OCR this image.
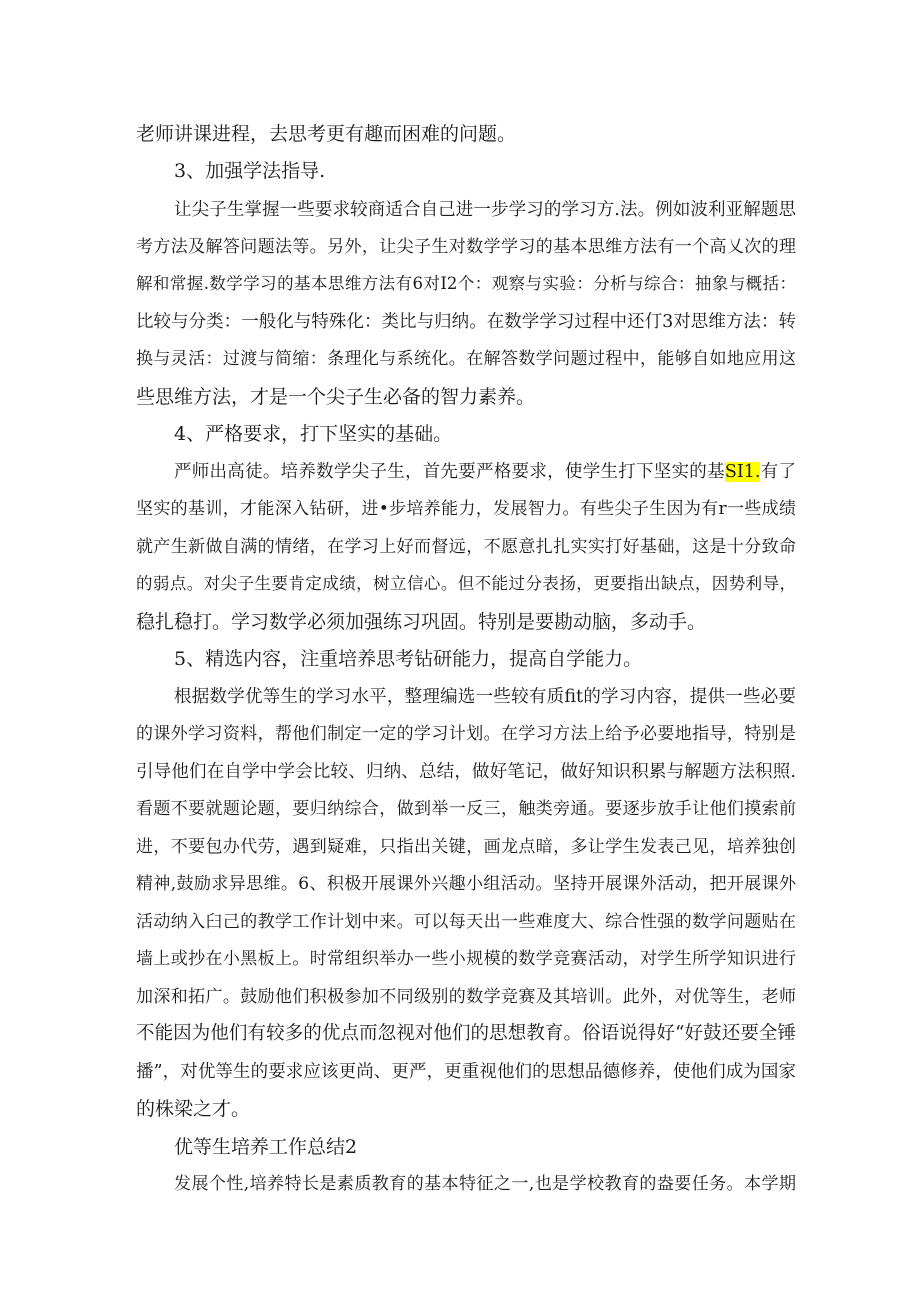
老师讲课进程，去思考更有趣而困难的问题。
3、加强学法指导.
让尖子生掌握一些要求较商适合自己进一步学习的学习方.法。例如波利亚解题思
考方法及解答问题法等。另外，让尖子生对数学学习的基本思维方法有一个高乂次的理
解和常握.数学学习的基本思维方法有6对I2个：观察与实验：分析与综合：抽象与概括：
比较与分类：一般化与特殊化：类比与归纳。在数学学习过程中还仃3对思维方法：转
换与灵活：过渡与简缩：条理化与系统化。在解答数学问题过程中，能够自如地应用这
些思维方法，才是一个尖子生必备的智力素养。
4、严格要求，打下坚实的基础。
严师出高徒。培养数学尖子生，首先要严格要求，使学生打下坚实的基SI1.有了
坚实的基训，才能深入钻研，进•步培养能力，发展智力。有些尖子生因为有r一些成绩
就产生新做自满的情绪，在学习上好而督远，不愿意扎扎实实打好基础，这是十分致命
的弱点。对尖子生要肯定成绩，树立信心。但不能过分表扬，更要指出缺点，因势利导，
稳扎稳打。学习数学必须加强练习巩固。特别是要勘动脑，多动手。
5、精选内容，注重培养思考钻研能力，提高自学能力。
根据数学优等生的学习水平，整理编选一些较有质fit的学习内容，提供一些必要
的课外学习资料，帮他们制定一定的学习计划。在学习方法上给予必要地指导，特别是
引导他们在自学中学会比较、归纳、总结，做好笔记，做好知识积累与解题方法积照.
看题不要就题论题，要归纳综合，做到举一反三，触类旁通。要逐步放手让他们摸索前
进，不要包办代劳，遇到疑难，只指出关键，画龙点暗，多让学生发表己见，培养独创
精神,鼓励求异思维。6、积极开展课外兴趣小组活动。坚持开展课外活动，把开展课外
活动纳入臼己的教学工作计划中来。可以每天出一些难度大、综合性强的数学问题贴在
墙上或抄在小黑板上。时常组织举办一些小规模的数学竞赛活动，对学生所学知识进行
加深和拓广。鼓励他们积极参加不同级别的数学竞赛及其培训。此外，对优等生，老师
不能因为他们有较多的优点而忽视对他们的思想教育。俗语说得好“好鼓还要全锤
播”，对优等生的要求应该更尚、更严，更重视他们的思想品德修养，使他们成为国家
的株梁之才。
优等生培养工作总结2
发展个性,培养特长是素质教育的基本特征之一,也是学校教育的盎要任务。本学期
